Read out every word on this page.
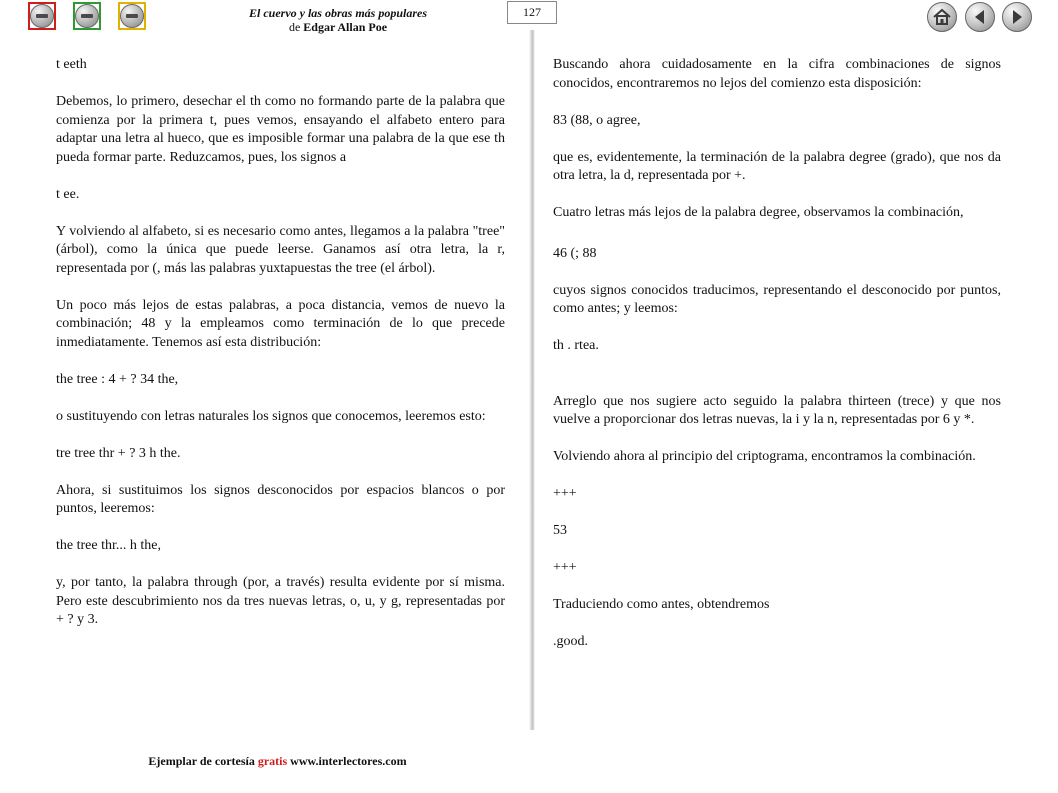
El cuervo y las obras más populares
de Edgar Allan Poe
127

t eeth

Debemos, lo primero, desechar el th como no formando parte de la palabra que comienza por la primera t, pues vemos, ensayando el alfabeto entero para adaptar una letra al hueco, que es imposible formar una palabra de la que ese th pueda formar parte. Reduzcamos, pues, los signos a

t ee.

Y volviendo al alfabeto, si es necesario como antes, llegamos a la palabra "tree" (árbol), como la única que puede leerse. Ganamos así otra letra, la r, representada por (, más las palabras yuxtapuestas the tree (el árbol).

Un poco más lejos de estas palabras, a poca distancia, vemos de nuevo la combinación; 48 y la empleamos como terminación de lo que precede inmediatamente. Tenemos así esta distribución:

the tree : 4 + ? 34 the,

o sustituyendo con letras naturales los signos que conocemos, leeremos esto:

tre tree thr + ? 3 h the.

Ahora, si sustituimos los signos desconocidos por espacios blancos o por puntos, leeremos:

the tree thr... h the,

y, por tanto, la palabra through (por, a través) resulta evidente por sí misma. Pero este descubrimiento nos da tres nuevas letras, o, u, y g, representadas por + ? y 3.

Buscando ahora cuidadosamente en la cifra combinaciones de signos conocidos, encontraremos no lejos del comienzo esta disposición:

83 (88, o agree,

que es, evidentemente, la terminación de la palabra degree (grado), que nos da otra letra, la d, representada por +.

Cuatro letras más lejos de la palabra degree, observamos la combinación,

46 (; 88

cuyos signos conocidos traducimos, representando el desconocido por puntos, como antes; y leemos:

th . rtea.

Arreglo que nos sugiere acto seguido la palabra thirteen (trece) y que nos vuelve a proporcionar dos letras nuevas, la i y la n, representadas por 6 y *.

Volviendo ahora al principio del criptograma, encontramos la combinación.

+++

53

+++

Traduciendo como antes, obtendremos

.good.

Ejemplar de cortesía gratis www.interlectores.com
